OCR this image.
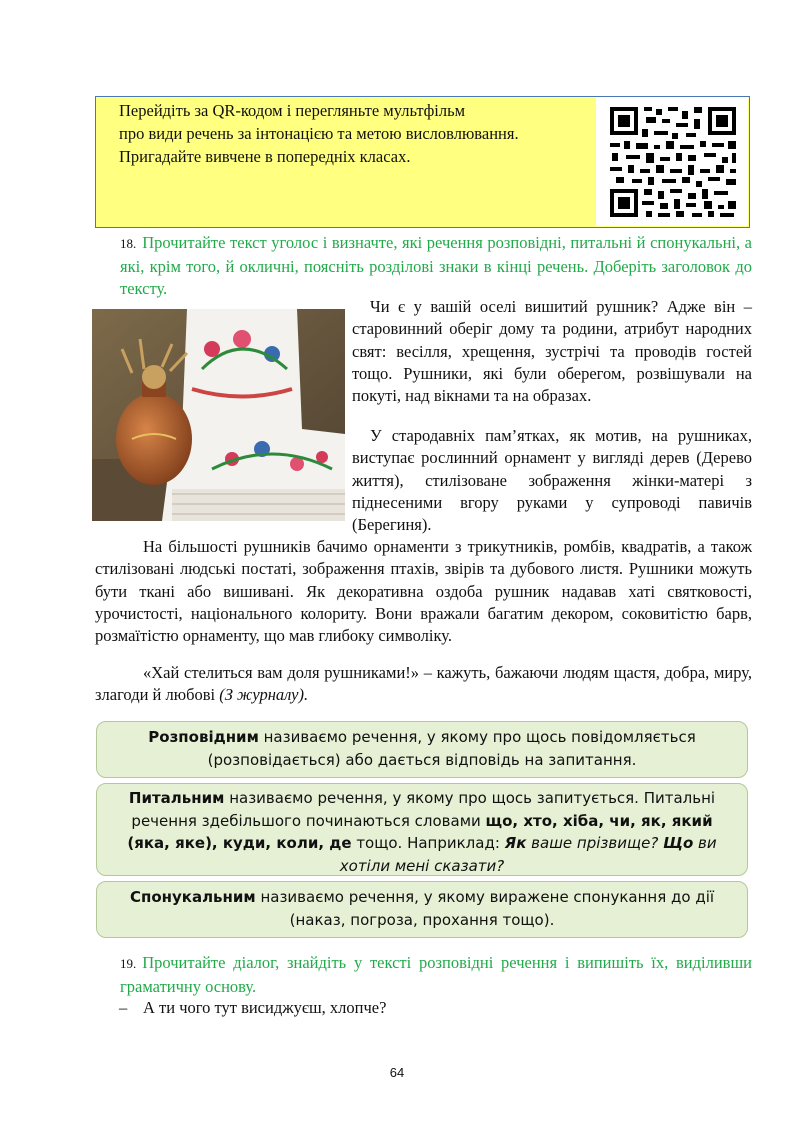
Перейдіть за QR-кодом і перегляньте мультфільм
про види речень за інтонацією та метою висловлювання.
Пригадайте вивчене в попередніх класах.
18. Прочитайте текст уголос і визначте, які речення розповідні, питальні й спонукальні, а які, крім того, й окличні, поясніть розділові знаки в кінці речень. Доберіть заголовок до тексту.

Чи є у вашій оселі вишитий рушник? Адже він – старовинний оберіг дому та родини, атрибут народних свят: весілля, хрещення, зустрічі та проводів гостей тощо. Рушники, які були оберегом, розвішували на покуті, над вікнами та на образах.

У стародавніх пам’ятках, як мотив, на рушниках, виступає рослинний орнамент у вигляді дерев (Дерево життя), стилізоване зображення жінки-матері з піднесеними вгору руками у супроводі павичів (Берегиня).

На більшості рушників бачимо орнаменти з трикутників, ромбів, квадратів, а також стилізовані людські постаті, зображення птахів, звірів та дубового листя. Рушники можуть бути ткані або вишивані. Як декоративна оздоба рушник надавав хаті святковості, урочистості, національного колориту. Вони вражали багатим декором, соковитістю барв, розмаїтістю орнаменту, що мав глибоку символіку.

«Хай стелиться вам доля рушниками!» – кажуть, бажаючи людям щастя, добра, миру, злагоди й любові (З журналу).

Розповідним називаємо речення, у якому про щось повідомляється (розповідається) або дається відповідь на запитання.
Питальним називаємо речення, у якому про щось запитується. Питальні речення здебільшого починаються словами що, хто, хіба, чи, як, який (яка, яке), куди, коли, де тощо. Наприклад: Як ваше прізвище? Що ви хотіли мені сказати?
Спонукальним називаємо речення, у якому виражене спонукання до дії (наказ, погроза, прохання тощо).
19. Прочитайте діалог, знайдіть у тексті розповідні речення і випишіть їх, виділивши граматичну основу.
– А ти чого тут висиджуєш, хлопче?
64
